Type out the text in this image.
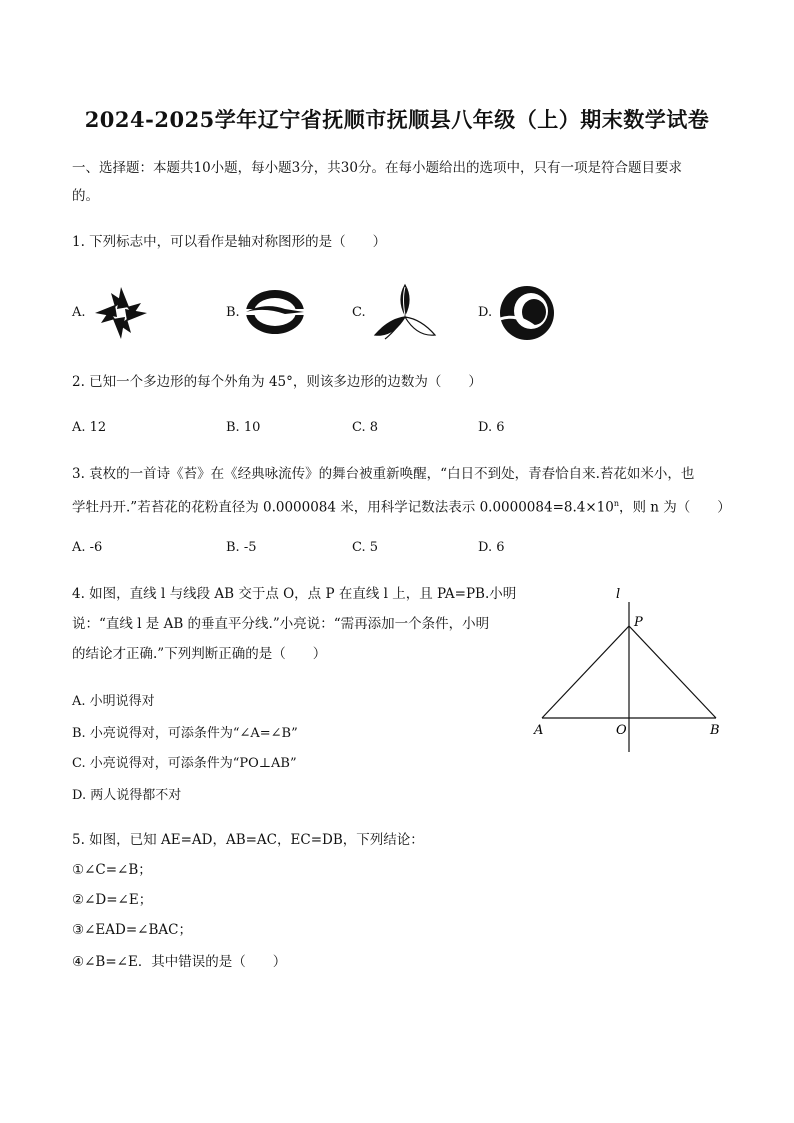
2024-2025学年辽宁省抚顺市抚顺县八年级（上）期末数学试卷
一、选择题：本题共10小题，每小题3分，共30分。在每小题给出的选项中，只有一项是符合题目要求
的。
1. 下列标志中，可以看作是轴对称图形的是（　　）
A.	B.	C.	D.
2. 已知一个多边形的每个外角为 45°，则该多边形的边数为（　　）
A. 12	B. 10	C. 8	D. 6
3. 袁枚的一首诗《苔》在《经典咏流传》的舞台被重新唤醒，“白日不到处，青春恰自来.苔花如米小，也
学牡丹开.”若苔花的花粉直径为 0.0000084 米，用科学记数法表示 $0.0000084=8.4\times 10^n$，则 n 为（　　）
A. -6	B. -5	C. 5	D. 6
4. 如图，直线 l 与线段 AB 交于点 O，点 P 在直线 l 上，且 PA=PB.小明
说：“直线 l 是 AB 的垂直平分线.”小亮说：“需再添加一个条件，小明
的结论才正确.”下列判断正确的是（　　）
A. 小明说得对
B. 小亮说得对，可添条件为“∠A=∠B”
C. 小亮说得对，可添条件为“PO⊥AB”
D. 两人说得都不对
l
P
A	O	B
5. 如图，已知 AE=AD，AB=AC，EC=DB，下列结论：
①∠C=∠B；
②∠D=∠E；
③∠EAD=∠BAC；
④∠B=∠E．其中错误的是（　　）
